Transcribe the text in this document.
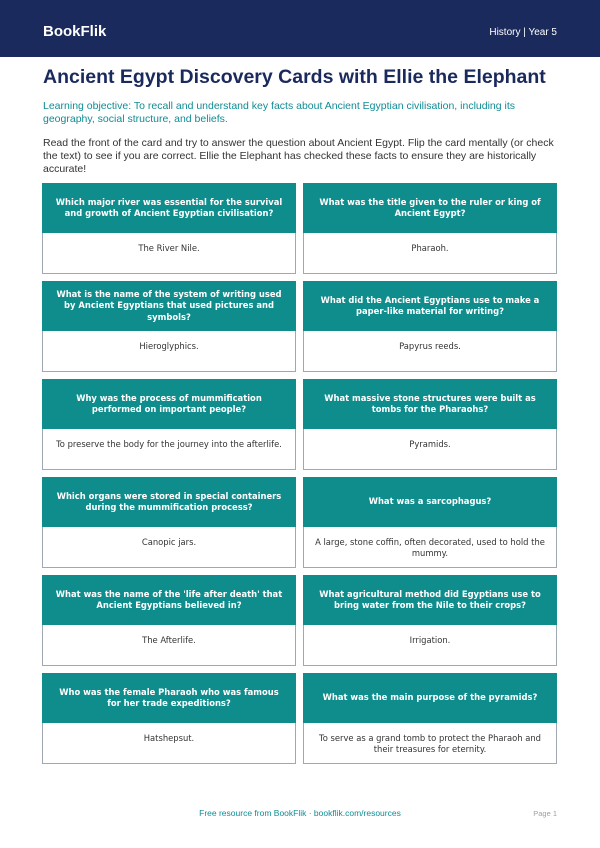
BookFlik	History | Year 5
Ancient Egypt Discovery Cards with Ellie the Elephant

Learning objective: To recall and understand key facts about Ancient Egyptian civilisation, including its geography, social structure, and beliefs.

Read the front of the card and try to answer the question about Ancient Egypt. Flip the card mentally (or check the text) to see if you are correct. Ellie the Elephant has checked these facts to ensure they are historically accurate!

Which major river was essential for the survival and growth of Ancient Egyptian civilisation?
The River Nile.
What was the title given to the ruler or king of Ancient Egypt?
Pharaoh.
What is the name of the system of writing used by Ancient Egyptians that used pictures and symbols?
Hieroglyphics.
What did the Ancient Egyptians use to make a paper-like material for writing?
Papyrus reeds.
Why was the process of mummification performed on important people?
To preserve the body for the journey into the afterlife.
What massive stone structures were built as tombs for the Pharaohs?
Pyramids.
Which organs were stored in special containers during the mummification process?
Canopic jars.
What was a sarcophagus?
A large, stone coffin, often decorated, used to hold the mummy.
What was the name of the 'life after death' that Ancient Egyptians believed in?
The Afterlife.
What agricultural method did Egyptians use to bring water from the Nile to their crops?
Irrigation.
Who was the female Pharaoh who was famous for her trade expeditions?
Hatshepsut.
What was the main purpose of the pyramids?
To serve as a grand tomb to protect the Pharaoh and their treasures for eternity.
Free resource from BookFlik · bookflik.com/resources	Page 1
